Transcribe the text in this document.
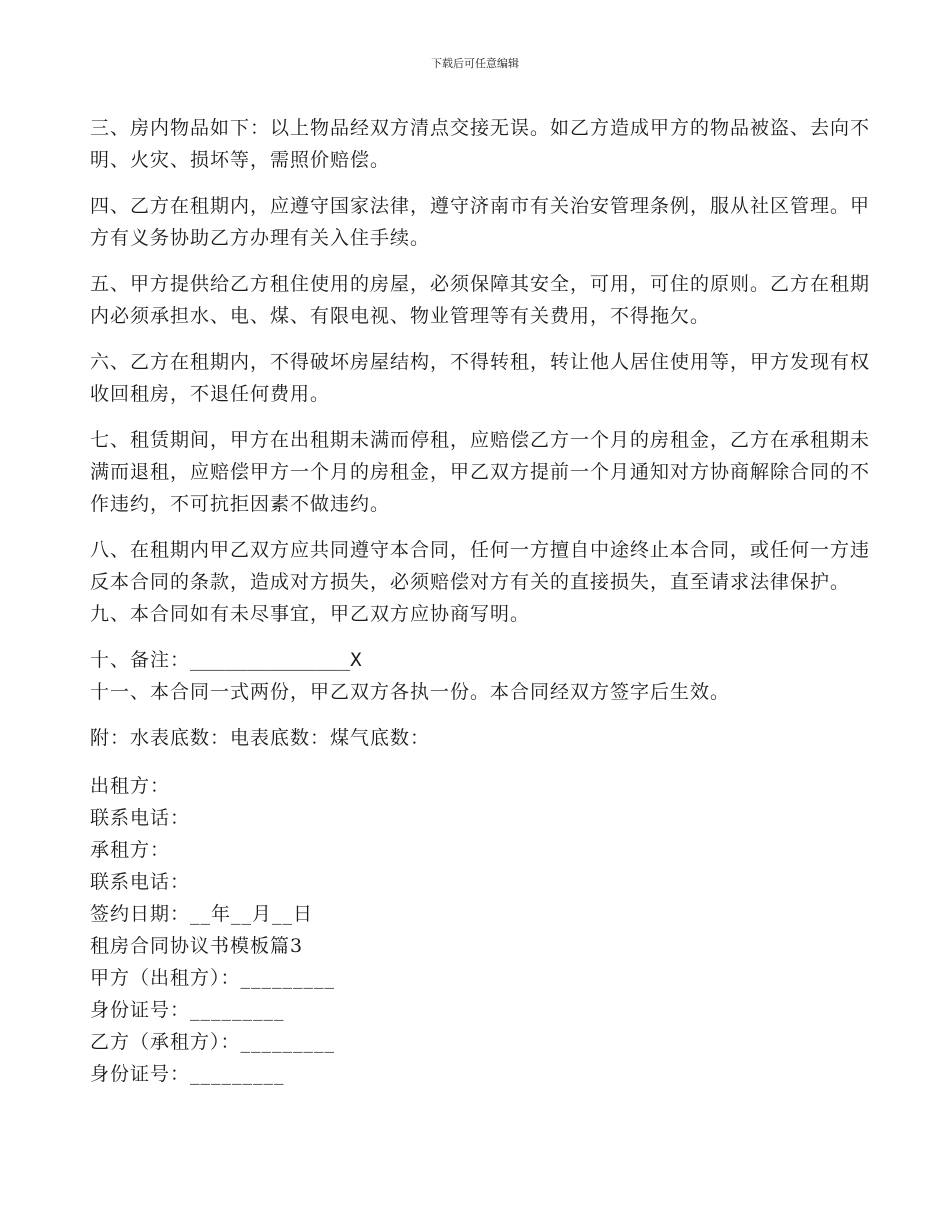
下载后可任意编辑

三、房内物品如下：以上物品经双方清点交接无误。如乙方造成甲方的物品被盗、去向不明、火灾、损坏等，需照价赔偿。

四、乙方在租期内，应遵守国家法律，遵守济南市有关治安管理条例，服从社区管理。甲方有义务协助乙方办理有关入住手续。

五、甲方提供给乙方租住使用的房屋，必须保障其安全，可用，可住的原则。乙方在租期内必须承担水、电、煤、有限电视、物业管理等有关费用，不得拖欠。

六、乙方在租期内，不得破坏房屋结构，不得转租，转让他人居住使用等，甲方发现有权收回租房，不退任何费用。

七、租赁期间，甲方在出租期未满而停租，应赔偿乙方一个月的房租金，乙方在承租期未满而退租，应赔偿甲方一个月的房租金，甲乙双方提前一个月通知对方协商解除合同的不作违约，不可抗拒因素不做违约。

八、在租期内甲乙双方应共同遵守本合同，任何一方擅自中途终止本合同，或任何一方违反本合同的条款，造成对方损失，必须赔偿对方有关的直接损失，直至请求法律保护。九、本合同如有未尽事宜，甲乙双方应协商写明。

十、备注：______________X

十一、本合同一式两份，甲乙双方各执一份。本合同经双方签字后生效。

附：水表底数：电表底数：煤气底数：

出租方：

联系电话：

承租方：

联系电话：

签约日期：__年__月__日

租房合同协议书模板篇3

甲方（出租方）：_________

身份证号：_________

乙方（承租方）：_________

身份证号：_________
